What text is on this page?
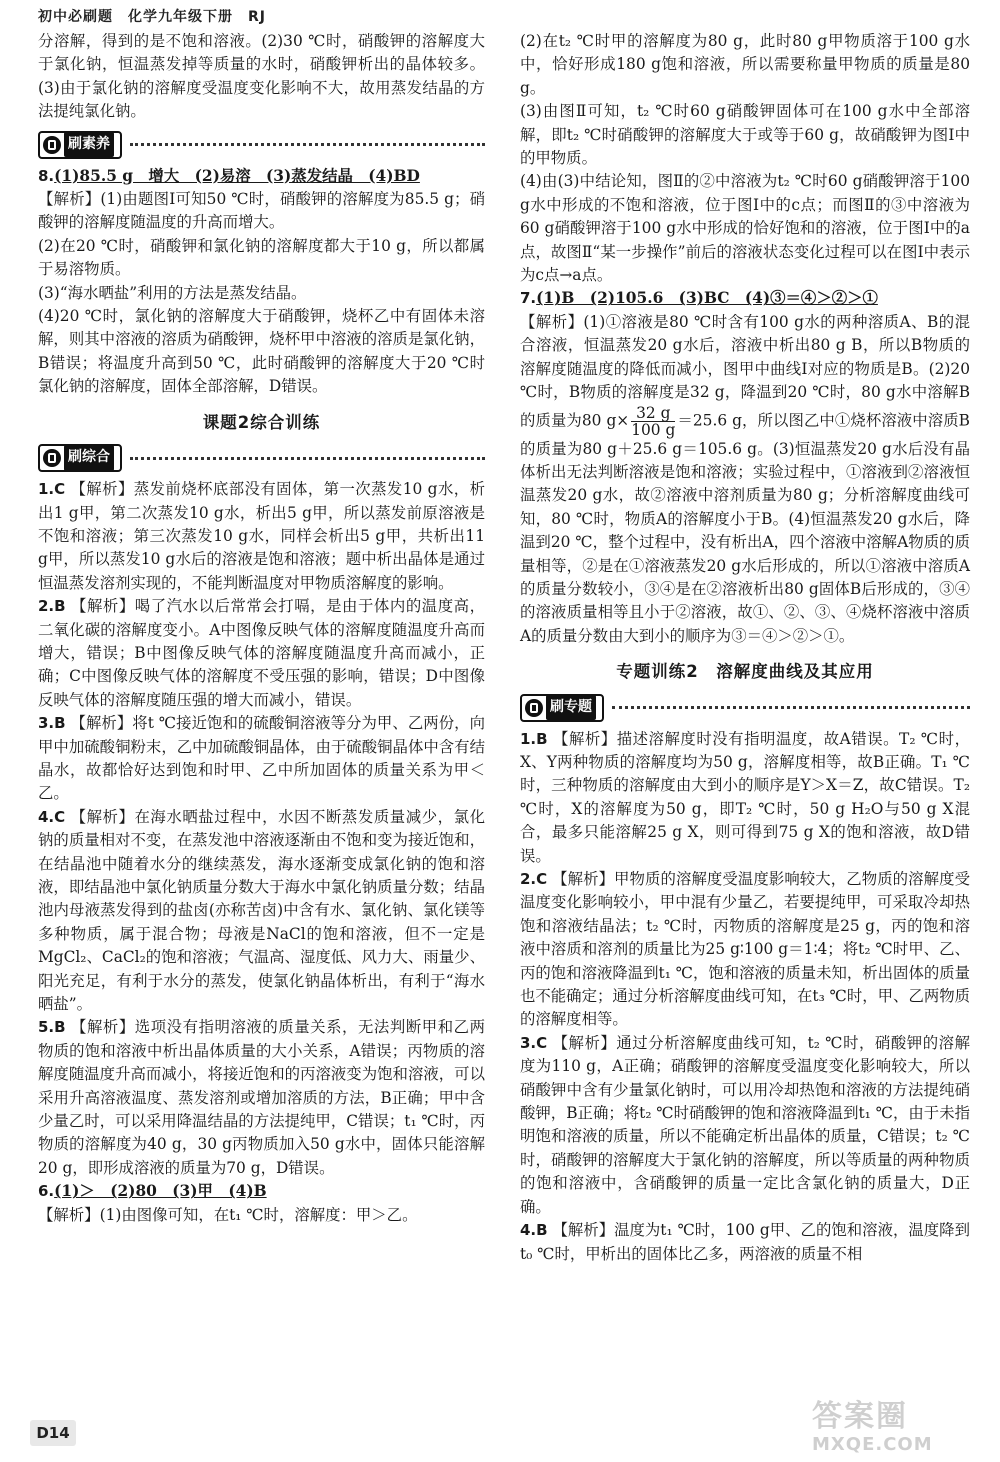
初中必刷题　化学九年级下册　RJ

分溶解，得到的是不饱和溶液。(2)30 ℃时，硝酸钾的溶解度大于氯化钠，恒温蒸发掉等质量的水时，硝酸钾析出的晶体较多。(3)由于氯化钠的溶解度受温度变化影响不大，故用蒸发结晶的方法提纯氯化钠。

刷素养

8.(1)85.5 g　增大　(2)易溶　(3)蒸发结晶　(4)BD

【解析】(1)由题图Ⅰ可知50 ℃时，硝酸钾的溶解度为85.5 g；硝酸钾的溶解度随温度的升高而增大。

(2)在20 ℃时，硝酸钾和氯化钠的溶解度都大于10 g，所以都属于易溶物质。

(3)“海水晒盐”利用的方法是蒸发结晶。

(4)20 ℃时，氯化钠的溶解度大于硝酸钾，烧杯乙中有固体未溶解，则其中溶液的溶质为硝酸钾，烧杯甲中溶液的溶质是氯化钠，B错误；将温度升高到50 ℃，此时硝酸钾的溶解度大于20 ℃时氯化钠的溶解度，固体全部溶解，D错误。

课题2综合训练
刷综合

1.C 【解析】蒸发前烧杯底部没有固体，第一次蒸发10 g水，析出1 g甲，第二次蒸发10 g水，析出5 g甲，所以蒸发前原溶液是不饱和溶液；第三次蒸发10 g水，同样会析出5 g甲，共析出11 g甲，所以蒸发10 g水后的溶液是饱和溶液；题中析出晶体是通过恒温蒸发溶剂实现的，不能判断温度对甲物质溶解度的影响。

2.B 【解析】喝了汽水以后常常会打嗝，是由于体内的温度高，二氧化碳的溶解度变小。A中图像反映气体的溶解度随温度升高而增大，错误；B中图像反映气体的溶解度随温度升高而减小，正确；C中图像反映气体的溶解度不受压强的影响，错误；D中图像反映气体的溶解度随压强的增大而减小，错误。

3.B 【解析】将t ℃接近饱和的硫酸铜溶液等分为甲、乙两份，向甲中加硫酸铜粉末，乙中加硫酸铜晶体，由于硫酸铜晶体中含有结晶水，故都恰好达到饱和时甲、乙中所加固体的质量关系为甲＜乙。

4.C 【解析】在海水晒盐过程中，水因不断蒸发质量减少，氯化钠的质量相对不变，在蒸发池中溶液逐渐由不饱和变为接近饱和，在结晶池中随着水分的继续蒸发，海水逐渐变成氯化钠的饱和溶液，即结晶池中氯化钠质量分数大于海水中氯化钠质量分数；结晶池内母液蒸发得到的盐卤(亦称苦卤)中含有水、氯化钠、氯化镁等多种物质，属于混合物；母液是NaCl的饱和溶液，但不一定是MgCl₂、CaCl₂的饱和溶液；气温高、湿度低、风力大、雨量少、阳光充足，有利于水分的蒸发，使氯化钠晶体析出，有利于“海水晒盐”。

5.B 【解析】选项没有指明溶液的质量关系，无法判断甲和乙两物质的饱和溶液中析出晶体质量的大小关系，A错误；丙物质的溶解度随温度升高而减小，将接近饱和的丙溶液变为饱和溶液，可以采用升高溶液温度、蒸发溶剂或增加溶质的方法，B正确；甲中含少量乙时，可以采用降温结晶的方法提纯甲，C错误；t₁ ℃时，丙物质的溶解度为40 g，30 g丙物质加入50 g水中，固体只能溶解20 g，即形成溶液的质量为70 g，D错误。

6.(1)＞　(2)80　(3)甲　(4)B

【解析】(1)由图像可知，在t₁ ℃时，溶解度：甲＞乙。

(2)在t₂ ℃时甲的溶解度为80 g，此时80 g甲物质溶于100 g水中，恰好形成180 g饱和溶液，所以需要称量甲物质的质量是80 g。

(3)由图Ⅱ可知，t₂ ℃时60 g硝酸钾固体可在100 g水中全部溶解，即t₂ ℃时硝酸钾的溶解度大于或等于60 g，故硝酸钾为图Ⅰ中的甲物质。

(4)由(3)中结论知，图Ⅱ的②中溶液为t₂ ℃时60 g硝酸钾溶于100 g水中形成的不饱和溶液，位于图Ⅰ中的c点；而图Ⅱ的③中溶液为60 g硝酸钾溶于100 g水中形成的恰好饱和的溶液，位于图Ⅰ中的a点，故图Ⅱ“某一步操作”前后的溶液状态变化过程可以在图Ⅰ中表示为c点→a点。

7.(1)B　(2)105.6　(3)BC　(4)③＝④＞②＞①

【解析】(1)①溶液是80 ℃时含有100 g水的两种溶质A、B的混合溶液，恒温蒸发20 g水后，溶液中析出80 g B，所以B物质的溶解度随温度的降低而减小，图甲中曲线Ⅰ对应的物质是B。(2)20 ℃时，B物质的溶解度是32 g，降温到20 ℃时，80 g水中溶解B的质量为80 $g\times \frac{32 g}{100 g} =25.6$ g，所以图乙中①烧杯溶液中溶质B的质量为80 g＋25.6 g＝105.6 g。(3)恒温蒸发20 g水后没有晶体析出无法判断溶液是饱和溶液；实验过程中，①溶液到②溶液恒温蒸发20 g水，故②溶液中溶剂质量为80 g；分析溶解度曲线可知，80 ℃时，物质A的溶解度小于B。(4)恒温蒸发20 g水后，降温到20 ℃，整个过程中，没有析出A，四个溶液中溶解A物质的质量相等，②是在①溶液蒸发20 g水后形成的，所以①溶液中溶质A的质量分数较小，③④是在②溶液析出80 g固体B后形成的，③④的溶液质量相等且小于②溶液，故①、②、③、④烧杯溶液中溶质A的质量分数由大到小的顺序为③＝④＞②＞①。

专题训练2　溶解度曲线及其应用
刷专题

1.B 【解析】描述溶解度时没有指明温度，故A错误。T₂ ℃时，X、Y两种物质的溶解度均为50 g，溶解度相等，故B正确。T₁ ℃时，三种物质的溶解度由大到小的顺序是Y＞X＝Z，故C错误。T₂ ℃时，X的溶解度为50 g，即T₂ ℃时，50 g H₂O与50 g X混合，最多只能溶解25 g X，则可得到75 g X的饱和溶液，故D错误。

2.C 【解析】甲物质的溶解度受温度影响较大，乙物质的溶解度受温度变化影响较小，甲中混有少量乙，若要提纯甲，可采取冷却热饱和溶液结晶法；t₂ ℃时，丙物质的溶解度是25 g，丙的饱和溶液中溶质和溶剂的质量比为25 g∶100 g＝1∶4；将t₂ ℃时甲、乙、丙的饱和溶液降温到t₁ ℃，饱和溶液的质量未知，析出固体的质量也不能确定；通过分析溶解度曲线可知，在t₃ ℃时，甲、乙两物质的溶解度相等。

3.C 【解析】通过分析溶解度曲线可知，t₂ ℃时，硝酸钾的溶解度为110 g，A正确；硝酸钾的溶解度受温度变化影响较大，所以硝酸钾中含有少量氯化钠时，可以用冷却热饱和溶液的方法提纯硝酸钾，B正确；将t₂ ℃时硝酸钾的饱和溶液降温到t₁ ℃，由于未指明饱和溶液的质量，所以不能确定析出晶体的质量，C错误；t₂ ℃时，硝酸钾的溶解度大于氯化钠的溶解度，所以等质量的两种物质的饱和溶液中，含硝酸钾的质量一定比含氯化钠的质量大，D正确。

4.B 【解析】温度为t₁ ℃时，100 g甲、乙的饱和溶液，温度降到t₀ ℃时，甲析出的固体比乙多，两溶液的质量不相

D14	答案圈
MXQE.COM
